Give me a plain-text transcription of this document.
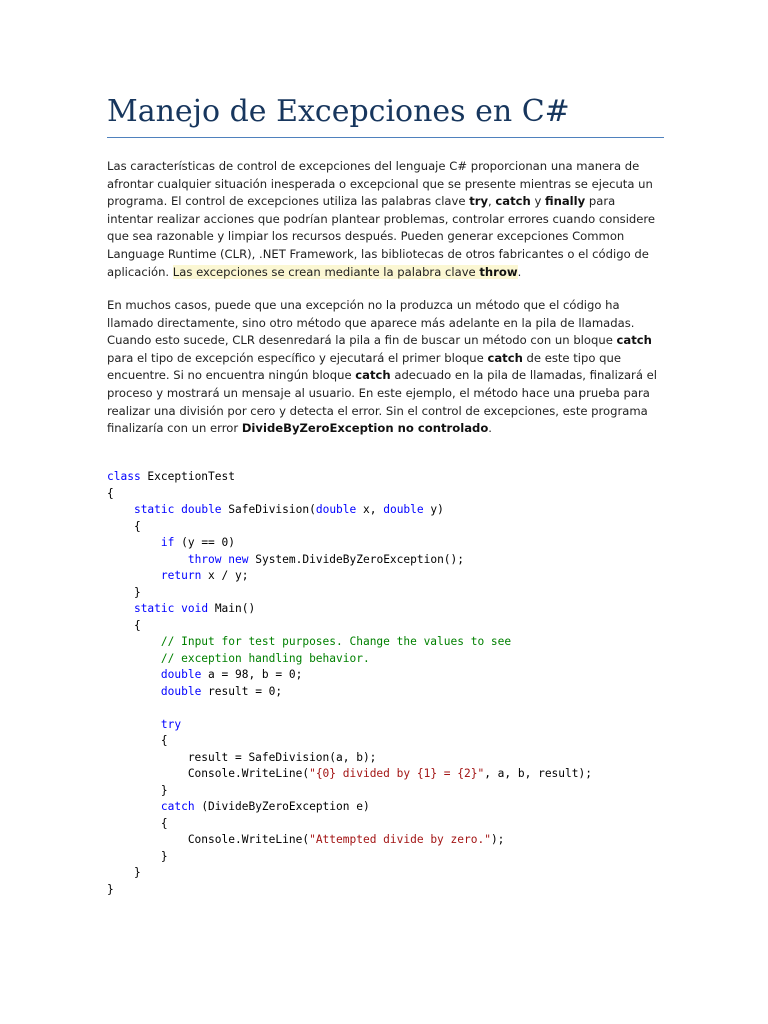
Manejo de Excepciones en C#
Las características de control de excepciones del lenguaje C# proporcionan una manera de afrontar cualquier situación inesperada o excepcional que se presente mientras se ejecuta un programa. El control de excepciones utiliza las palabras clave try, catch y finally para intentar realizar acciones que podrían plantear problemas, controlar errores cuando considere que sea razonable y limpiar los recursos después. Pueden generar excepciones Common Language Runtime (CLR), .NET Framework, las bibliotecas de otros fabricantes o el código de aplicación. Las excepciones se crean mediante la palabra clave throw.
En muchos casos, puede que una excepción no la produzca un método que el código ha llamado directamente, sino otro método que aparece más adelante en la pila de llamadas. Cuando esto sucede, CLR desenredará la pila a fin de buscar un método con un bloque catch para el tipo de excepción específico y ejecutará el primer bloque catch de este tipo que encuentre. Si no encuentra ningún bloque catch adecuado en la pila de llamadas, finalizará el proceso y mostrará un mensaje al usuario. En este ejemplo, el método hace una prueba para realizar una división por cero y detecta el error. Sin el control de excepciones, este programa finalizaría con un error DivideByZeroException no controlado.
class ExceptionTest
{
static double SafeDivision(double x, double y)
{
if (y == 0)
throw new System.DivideByZeroException();
return x / y;
}
static void Main()
{
// Input for test purposes. Change the values to see
// exception handling behavior.
double a = 98, b = 0;
double result = 0;

try
{
result = SafeDivision(a, b);
Console.WriteLine("{0} divided by {1} = {2}", a, b, result);
}
catch (DivideByZeroException e)
{
Console.WriteLine("Attempted divide by zero.");
}
}
}
